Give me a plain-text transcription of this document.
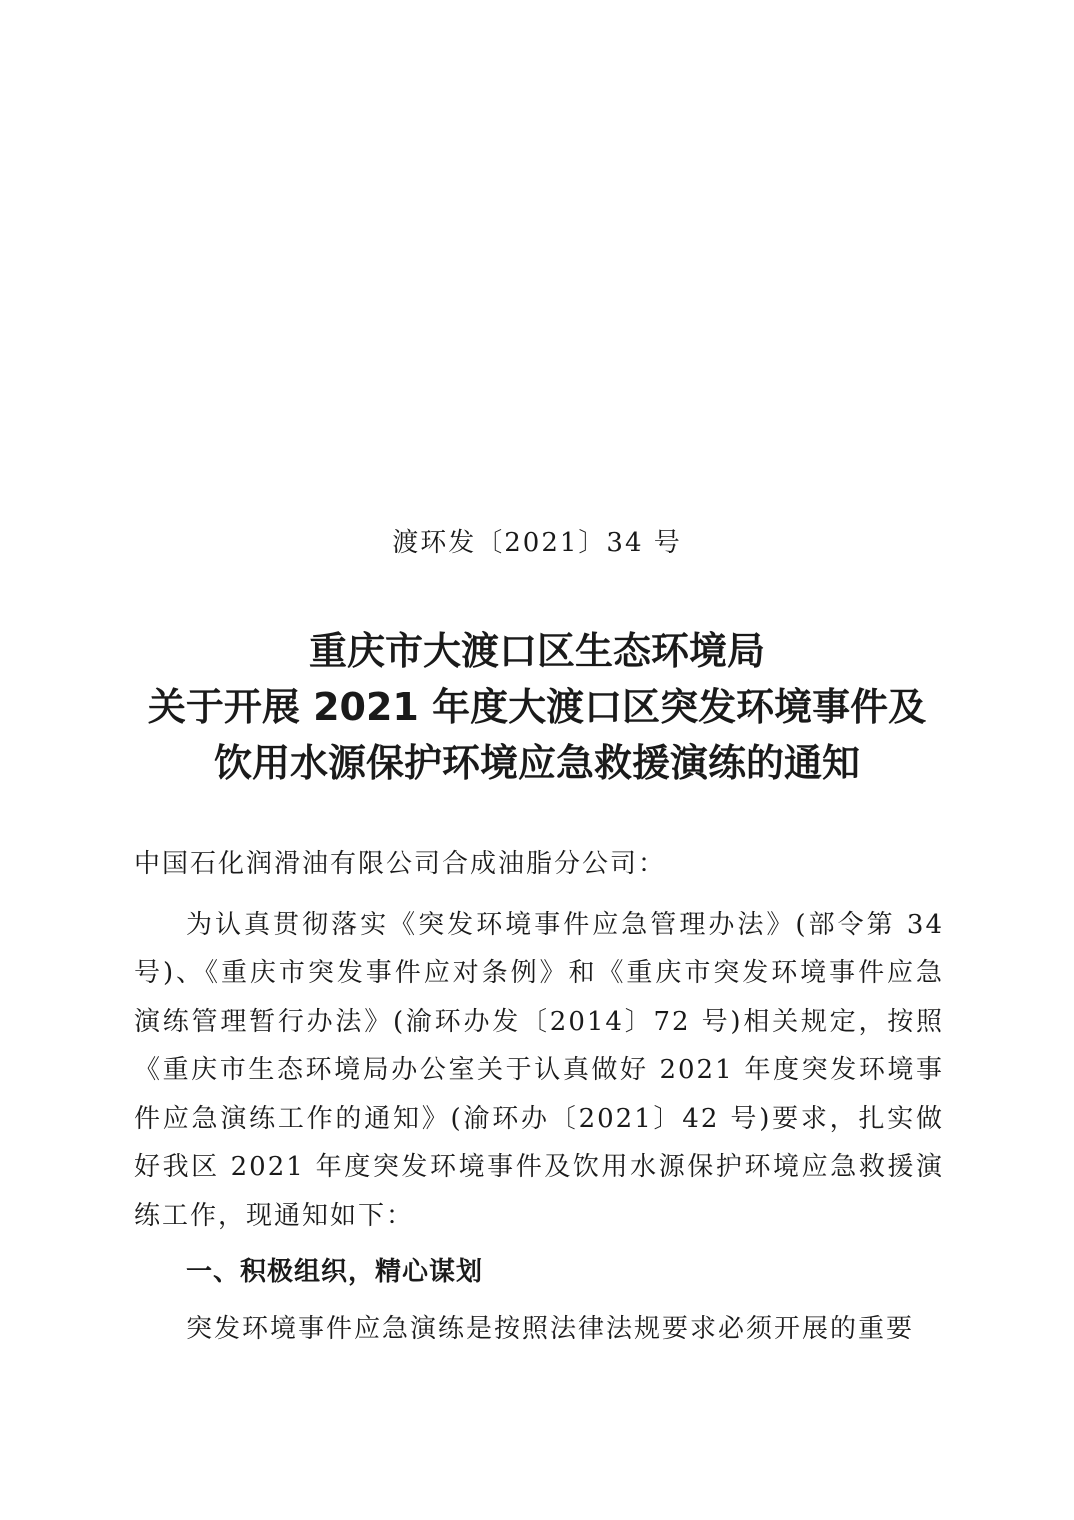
渡环发〔2021〕34 号
重庆市大渡口区生态环境局
关于开展 2021 年度大渡口区突发环境事件及
饮用水源保护环境应急救援演练的通知

中国石化润滑油有限公司合成油脂分公司：

为认真贯彻落实《突发环境事件应急管理办法》(部令第 34 号)、《重庆市突发事件应对条例》和《重庆市突发环境事件应急演练管理暂行办法》(渝环办发〔2014〕72 号)相关规定，按照《重庆市生态环境局办公室关于认真做好 2021 年度突发环境事件应急演练工作的通知》(渝环办〔2021〕42 号)要求，扎实做好我区 2021 年度突发环境事件及饮用水源保护环境应急救援演练工作，现通知如下：

一、积极组织，精心谋划

突发环境事件应急演练是按照法律法规要求必须开展的重要
